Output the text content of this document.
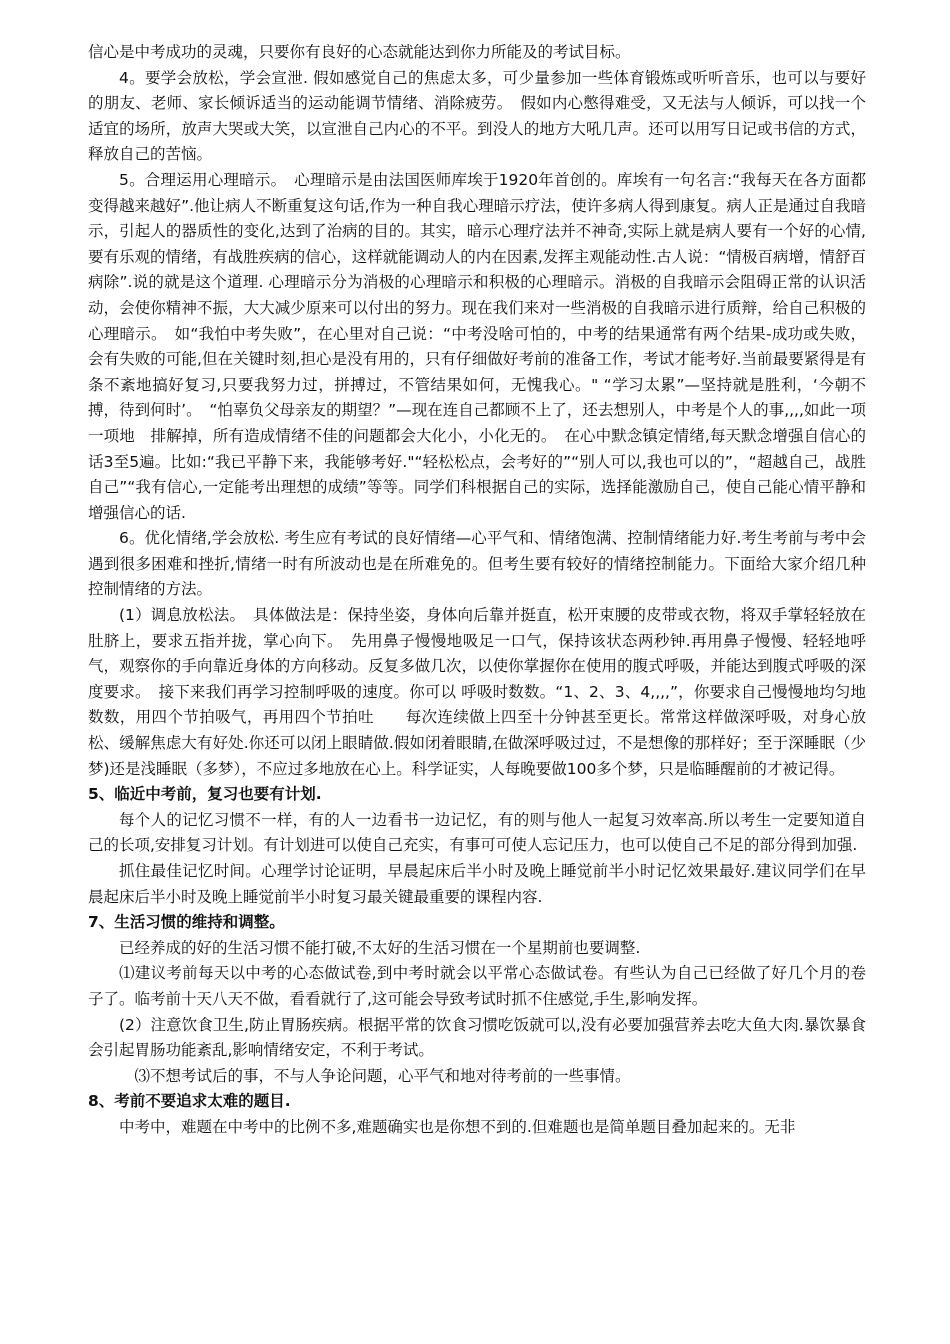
信心是中考成功的灵魂，只要你有良好的心态就能达到你力所能及的考试目标。

4。要学会放松，学会宣泄. 假如感觉自己的焦虑太多，可少量参加一些体育锻炼或听听音乐，也可以与要好的朋友、老师、家长倾诉适当的运动能调节情绪、消除疲劳。　假如内心憋得难受，又无法与人倾诉，可以找一个适宜的场所，放声大哭或大笑，以宣泄自己内心的不平。到没人的地方大吼几声。还可以用写日记或书信的方式，释放自己的苦恼。

5。合理运用心理暗示。　心理暗示是由法国医师库埃于1920年首创的。库埃有一句名言:“我每天在各方面都变得越来越好”.他让病人不断重复这句话,作为一种自我心理暗示疗法，使许多病人得到康复。病人正是通过自我暗示，引起人的器质性的变化,达到了治病的目的。其实，暗示心理疗法并不神奇,实际上就是病人要有一个好的心情,要有乐观的情绪，有战胜疾病的信心，这样就能调动人的内在因素,发挥主观能动性.古人说：“情极百病增，情舒百病除”.说的就是这个道理. 心理暗示分为消极的心理暗示和积极的心理暗示。消极的自我暗示会阻碍正常的认识活动，会使你精神不振，大大减少原来可以付出的努力。现在我们来对一些消极的自我暗示进行质辩，给自己积极的心理暗示。　如“我怕中考失败”，在心里对自己说：“中考没啥可怕的，中考的结果通常有两个结果-成功或失败，会有失败的可能,但在关键时刻,担心是没有用的，只有仔细做好考前的准备工作，考试才能考好.当前最要紧得是有条不紊地搞好复习,只要我努力过，拼搏过，不管结果如何，无愧我心。" “学习太累”—坚持就是胜利，‘今朝不搏，待到何时’。　“怕辜负父母亲友的期望？”—现在连自己都顾不上了，还去想别人，中考是个人的事,,,,如此一项一项地　排解掉，所有造成情绪不佳的问题都会大化小，小化无的。　在心中默念镇定情绪,每天默念增强自信心的话3至5遍。比如:“我已平静下来，我能够考好."“轻松松点，会考好的”“别人可以,我也可以的”，“超越自己，战胜自己”“我有信心,一定能考出理想的成绩”等等。同学们科根据自己的实际，选择能激励自己，使自己能心情平静和增强信心的话.

6。优化情绪,学会放松. 考生应有考试的良好情绪—心平气和、情绪饱满、控制情绪能力好.考生考前与考中会遇到很多困难和挫折,情绪一时有所波动也是在所难免的。但考生要有较好的情绪控制能力。下面给大家介绍几种控制情绪的方法。

(1）调息放松法。　具体做法是：保持坐姿，身体向后靠并挺直，松开束腰的皮带或衣物，将双手掌轻轻放在肚脐上，要求五指并拢，掌心向下。　先用鼻子慢慢地吸足一口气，保持该状态两秒钟.再用鼻子慢慢、轻轻地呼气，观察你的手向靠近身体的方向移动。反复多做几次，以使你掌握你在使用的腹式呼吸，并能达到腹式呼吸的深度要求。　接下来我们再学习控制呼吸的速度。你可以 呼吸时数数。“1、2、3、4,,,,”，你要求自己慢慢地均匀地数数，用四个节拍吸气，再用四个节拍吐　　每次连续做上四至十分钟甚至更长。常常这样做深呼吸，对身心放松、缓解焦虑大有好处.你还可以闭上眼睛做.假如闭着眼睛,在做深呼吸过过，不是想像的那样好；至于深睡眠（少梦)还是浅睡眠（多梦），不应过多地放在心上。科学证实，人每晚要做100多个梦，只是临睡醒前的才被记得。

5、临近中考前，复习也要有计划.

每个人的记忆习惯不一样，有的人一边看书一边记忆，有的则与他人一起复习效率高.所以考生一定要知道自己的长项,安排复习计划。有计划进可以使自己充实，有事可可使人忘记压力，也可以使自己不足的部分得到加强.

抓住最佳记忆时间。心理学讨论证明，早晨起床后半小时及晚上睡觉前半小时记忆效果最好.建议同学们在早晨起床后半小时及晚上睡觉前半小时复习最关键最重要的课程内容.

7、生活习惯的维持和调整。

已经养成的好的生活习惯不能打破,不太好的生活习惯在一个星期前也要调整.

⑴建议考前每天以中考的心态做试卷,到中考时就会以平常心态做试卷。有些认为自己已经做了好几个月的卷子了。临考前十天八天不做，看看就行了,这可能会导致考试时抓不住感觉,手生,影响发挥。

(2）注意饮食卫生,防止胃肠疾病。根据平常的饮食习惯吃饭就可以,没有必要加强营养去吃大鱼大肉.暴饮暴食会引起胃肠功能紊乱,影响情绪安定，不利于考试。

⑶不想考试后的事，不与人争论问题，心平气和地对待考前的一些事情。

8、考前不要追求太难的题目.

中考中，难题在中考中的比例不多,难题确实也是你想不到的.但难题也是简单题目叠加起来的。无非
